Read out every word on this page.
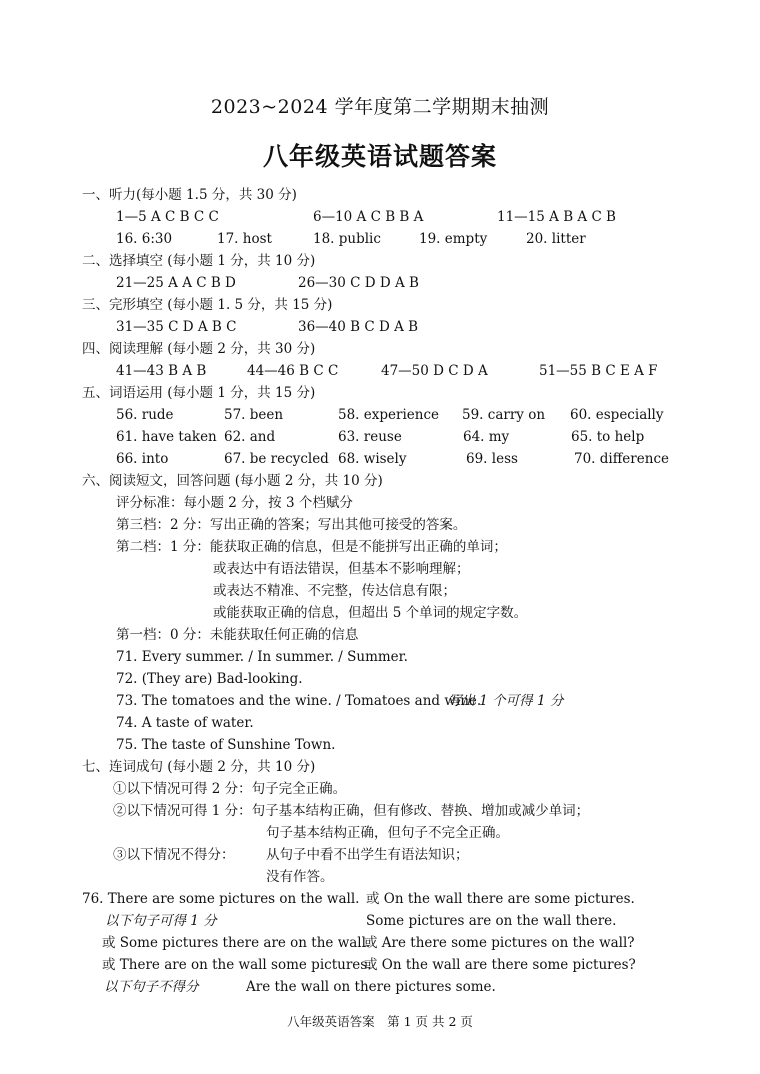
2023~2024 学年度第二学期期末抽测
八年级英语试题答案
一、听力(每小题 1.5 分，共 30 分)
1—5 A C B C C	6—10 A C B B A	11—15 A B A C B
16. 6:30	17. host	18. public	19. empty	20. litter
二、选择填空 (每小题 1 分，共 10 分)
21—25 A A C B D	26—30 C D D A B
三、完形填空 (每小题 1. 5 分，共 15 分)
31—35 C D A B C	36—40 B C D A B
四、阅读理解 (每小题 2 分，共 30 分)
41—43 B A B	44—46 B C C	47—50 D C D A	51—55 B C E A F
五、词语运用 (每小题 1 分，共 15 分)
56. rude	57. been	58. experience 59. carry on 60. especially
61. have taken 62. and	63. reuse	64. my	65. to help
66. into	67. be recycled 68. wisely	69. less	70. difference
六、阅读短文，回答问题 (每小题 2 分，共 10 分)
评分标准：每小题 2 分，按 3 个档赋分
第三档：2 分：写出正确的答案；写出其他可接受的答案。
第二档：1 分：能获取正确的信息，但是不能拼写出正确的单词；
或表达中有语法错误，但基本不影响理解；
或表达不精准、不完整，传达信息有限；
或能获取正确的信息，但超出 5 个单词的规定字数。
第一档：0 分：未能获取任何正确的信息
71. Every summer. / In summer. / Summer.
72. (They are) Bad-looking.
73. The tomatoes and the wine. / Tomatoes and wine.
写出 1 个可得 1 分
74. A taste of water.
75. The taste of Sunshine Town.
七、连词成句 (每小题 2 分，共 10 分)
①以下情况可得 2 分：句子完全正确。
②以下情况可得 1 分：句子基本结构正确，但有修改、替换、增加或减少单词；
句子基本结构正确，但句子不完全正确。
③以下情况不得分： 从句子中看不出学生有语法知识；
没有作答。
76. There are some pictures on the wall. 或 On the wall there are some pictures.
以下句子可得 1 分	Some pictures are on the wall there.
或 Some pictures there are on the wall.
或 Are there some pictures on the wall?
或 There are on the wall some pictures.
或 On the wall are there some pictures?
以下句子不得分	Are the wall on there pictures some.
八年级英语答案　第 1 页 共 2 页
